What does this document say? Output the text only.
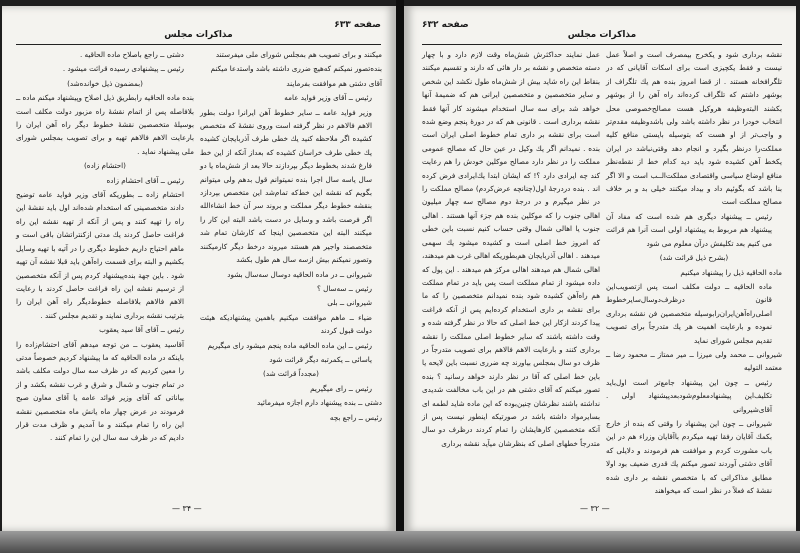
صفحه ۶۳۳
مذاکرات مجلس

میکنند و برای تصویب هم بمجلس شورای ملی میفرستند

بنده‌تصور نمیکنم که‌هیچ ضرری داشته باشد واستدعا میکنم

آقای دشتی هم موافقت بفرمایند

رئیس ــ آقای وزیر فواید عامه

وزیر فواید عامه ــ سایر خطوط آهن ایرانرا دولت بطور الاهم فالاهم در نظر گرفته است وروی نقشهٔ که متخصص کشیده اگر ملاحظه کنید یك خطی طرف آذربایجان کشیده یك خطی طرف خراسان کشیده که بعداز آنکه از این خط فارغ شدند بخطوط دیگر بپردازند حالا بعد از شش‌ماه یا دو سال یاسه سال اجرا بنده نمیتوانم قول بدهم ولی میتوانم بگویم که نقشه این خط‌که تمام‌شد این متخصص بپردازد بنقشه خطوط دیگر مملکت و بروند سر آن خط انشاءالله اگر فرصت باشد و وسایل در دست باشد البته این کار را میکنند البته این متخصصین اینجا که کارشان تمام شد متخصصند واجیر هم هستند میروند درخط دیگر کارمیکنند وتصور نمیکنم بیش ازسه سال هم طول بکشد

شیروانی ــ در ماده الحاقیه دوسال سه‌سال بشود

رئیس ــ سه‌سال ؟

شیروانی ــ بلی

ضیاء ــ ماهم موافقت میکنیم باهمین پیشنهادیکه هیئت دولت قبول کردند

رئیس ــ این ماده الحاقیه ماده پنجم میشود رای میگیریم

یاسائی ــ یکمرتبه دیگر قرائت شود

(مجدداً قرائت شد)

رئیس ــ رای میگیریم

دشتی ــ بنده پیشنهاد دارم اجازه میفرمائید

رئیس ــ راجع بچه

دشتی ــ راجع باصلاح ماده الحاقیه .

رئیس ــ پیشنهادی رسیده قرائت میشود .

(بمضمون ذیل خوانده‌شد)

بنده ماده الحاقیه رابطریق ذیل اصلاح وپیشنهاد میکنم ماده ــ بلافاصله پس از اتمام نقشهٔ راه مزبور دولت مکلف است بوسیلهٔ متخصصین نقشهٔ خطوط دیگر راه آهن ایران را بارعایت الاهم فالاهم تهیه و برای تصویب بمجلس شورای ملی پیشنهاد نماید .

(احتشام زاده)

رئیس ــ آقای احتشام زاده

احتشام زاده ــ بطوریکه آقای وزیر فواید عامه توضیح دادند متخصصینی که استخدام شده‌اند اول باید نقشهٔ این راه را تهیه کنند و پس از آنکه از تهیه نقشه این راه فراغت حاصل کردند یك مدتی ازکنتراتشان باقی است و ماهم احتیاج داریم خطوط دیگری را در آتیه با تهیه وسایل بکشیم و البته برای قسمت راه‌آهن باید قبلا نقشه آن تهیه شود . باین جهة بنده‌پیشنهاد کردم پس از آنکه متخصصین از ترسیم نقشه این راه فراغت حاصل کردند با رعایت الاهم فالاهم بلافاصله خطوط‌دیگر راه آهن ایران را بترتیب نقشه برداری نمایند و تقدیم مجلس کنند .

رئیس ــ آقای آقا سید یعقوب

آقاسید یعقوب ــ من توجه میدهم آقای احتشام‌زاده را باینکه در ماده الحاقیه که ما پیشنهاد کردیم خصوصاً مدتی را معین کردیم که در ظرف سه سال دولت مکلف باشد در تمام جنوب و شمال و شرق و غرب نقشه بکشد و از بیاناتی که آقای وزیر فوائد عامه یا آقای معاون صبح فرمودند در عرض چهار ماه یانش ماه متخصصین نقشه این راه را تمام میکنند و ما آمدیم و ظرف مدت قرار دادیم که در ظرف سه سال این را تمام کنند .

— ۳۴ —
صفحه ۶۳۲
مذاکرات مجلس

نقشه برداری شود و یکخرج بیمصرف است و اصلاً عمل نیست و فقط یکچیزی است برای اسکات آقایانی که در تلگرافخانه هستند . از قضا امروز بنده هم یك تلگراف از بوشهر داشتم که تلگراف کرده‌اند راه آهن را از بوشهر بکشند البته‌وظیفه هروکیل هست مصالح‌خصوصی محل انتخاب خودرا در نظر داشته باشد ولی باشد‌وظیفه مقدم‌تر و واجب‌تر از او هست که بتوسیله بایستی منافع کلیه مملکت‌را درنظر بگیرد و انجام دهد وقتی‌نباشد در ایران یکخط آهن کشیده شود باید دید کدام خط از نقطه‌نظر منافع اوضاع سیاسی واقتصادی مملکت‌الــب است و الا اگر بنا باشد که بگوئیم داد و بیداد میکنند خیلی بد و بر خلاف مصالح مملکت است

رئیس ــ پیشنهاد دیگری هم شده است که مفاد آن پیشنهاد هم مربوط به پیشنهاد اولی است آنرا هم قرائت می کنیم بعد تکلیفش درآن معلوم می شود

(بشرح ذیل قرائت شد)

ماده الحاقیه ذیل را پیشنهاد میکنیم

ماده الحاقیه ــ دولت مکلف است پس ازتصویب‌این قانون درظرف‌دوسال‌سایرخطوط اصلی‌راه‌آهن‌ایران‌رابوسیله متخصصین فن نقشه برداری نموده و بارعایت اهمیت هر یك متدرجاً برای تصویب تقدیم مجلس شورای نماید

شیروانی ــ محمد ولی میرزا ــ میر ممتاز ــ محمود رضا ــ معتمد التولیه

رئیس ــ چون این پیشنهاد جامع‌تر است اول‌باید تکلیف‌این پیشنهادمعلوم‌شود‌بعدپیشنهاد اولی . آقای‌شیروانی

شیروانی ــ چون این پیشنهاد را وقتی که بنده از خارج بکمك آقایان رفقا تهیه میکردم باآقایان وزراء هم در این باب مشورت کردم و موافقت هم فرمودند و دلایلی که آقای دشتی آوردند تصور میکنم یك قدری ضعیف بود اولا مطابق مذاکراتی که با متخصص نقشه بر داری شده نقشهٔ که فعلاً در نظر است که میخواهند

عمل نمایند حداکثرش شش‌ماه وقت لازم دارد و با چهار دسته متخصص و نقشه بر دار هائی که دارند و تقسیم میکنند بنقاط این راه شاید بیش از شش‌ماه طول نکشد این شخص و سایر متخصصین و متخصصین ایرانی هم که ضمیمهٔ آنها خواهد شد برای سه سال استخدام میشوند کار آنها فقط نقشه برداری است . قانونی هم که در دورهٔ پنجم وضع شده است برای نقشه بر داری تمام خطوط اصلی ایران است بنده . نمیدانم اگر یك وکیل در عین حال که مصالح عمومی مملکت را در نظر دارد مصالح موکلین خودش را هم رعایت کند چه ایرادی دارد ؟! که ایشان ابتدا یك‌ایرادی فرض کرده اند . بنده دردرجهٔ اول(چنانچه عرض‌کردم) مصالح مملکت را در نظر میگیرم و در درجهٔ دوم مصالح سه چهار میلیون اهالی جنوب را که موکلین بنده هم جزء آنها هستند . اهالی جنوب یا اهالی شمال وقتی حساب کنیم نسبت باین خطی که امروز خط اصلی است و کشیده میشود یك سهمی میدهند . اهالی آذربایجان هم‌بطوریکه اهالی غرب هم میدهند‌، اهالی شمال هم میدهند اهالی مرکز هم میدهند . این پول که داده میشود از تمام مملکت است پس باید در تمام مملکت هم راه‌آهن کشیده شود بنده نمیدانم متخصصین را که ما برای نقشه بر داری استخدام کرده‌ایم پس از آنکه فراغت پیدا کردند ازکار این خط اصلی که حالا در نظر گرفته شده و وقت داشته باشند که سایر خطوط اصلی مملکت را نقشه برداری کنند و بارعایت الاهم فالاهم برای تصویب متدرجاً در ظرف دو سال بمجلس بیاورند چه ضرری نسبت باین لایحه یا باین خط اصلی که آقا در نظر دارند خواهد رسانید ؟ بنده تصور میکنم که آقای دشتی هم در این باب مخالفت شدیدی نداشته باشند نظرشان چنین‌بوده که این ماده شاید لطمه ای بسایرمواد داشته باشد در صورتیکه اینطور نیست پس از آنکه متخصصین کارهایشان را تمام کردند درظرف دو سال متدرجاً خطهای اصلی که بنظرشان میآید نقشه برداری

— ۳۲ —
